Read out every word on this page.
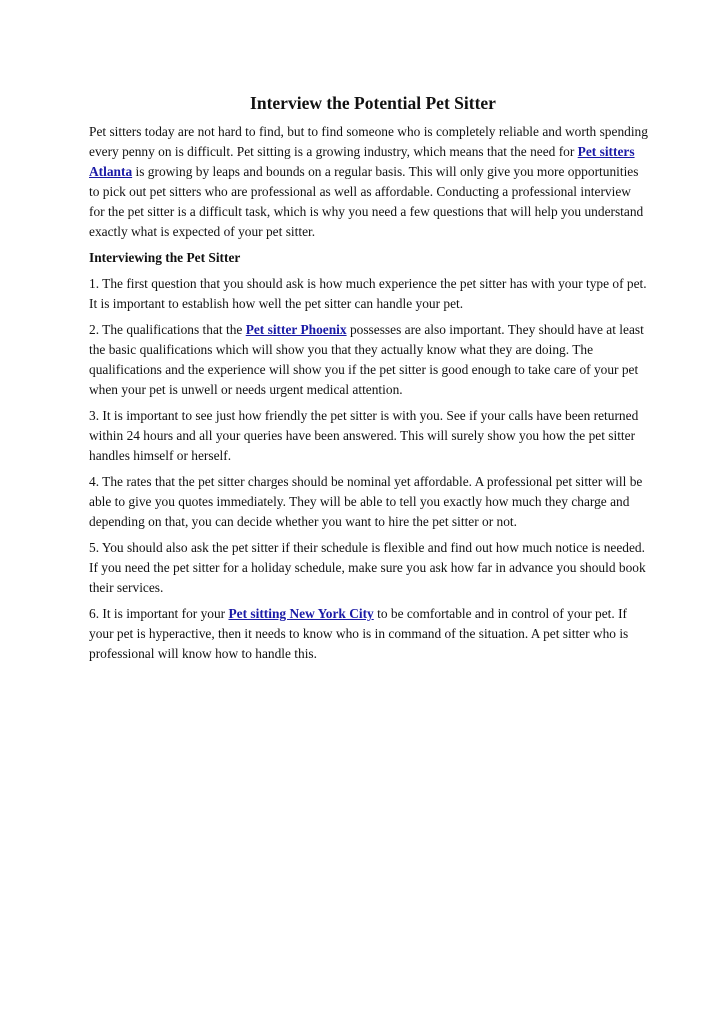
Interview the Potential Pet Sitter

Pet sitters today are not hard to find, but to find someone who is completely reliable and worth spending every penny on is difficult. Pet sitting is a growing industry, which means that the need for Pet sitters Atlanta is growing by leaps and bounds on a regular basis. This will only give you more opportunities to pick out pet sitters who are professional as well as affordable. Conducting a professional interview for the pet sitter is a difficult task, which is why you need a few questions that will help you understand exactly what is expected of your pet sitter.

Interviewing the Pet Sitter

1. The first question that you should ask is how much experience the pet sitter has with your type of pet. It is important to establish how well the pet sitter can handle your pet.

2. The qualifications that the Pet sitter Phoenix possesses are also important. They should have at least the basic qualifications which will show you that they actually know what they are doing. The qualifications and the experience will show you if the pet sitter is good enough to take care of your pet when your pet is unwell or needs urgent medical attention.

3. It is important to see just how friendly the pet sitter is with you. See if your calls have been returned within 24 hours and all your queries have been answered. This will surely show you how the pet sitter handles himself or herself.

4. The rates that the pet sitter charges should be nominal yet affordable. A professional pet sitter will be able to give you quotes immediately. They will be able to tell you exactly how much they charge and depending on that, you can decide whether you want to hire the pet sitter or not.

5. You should also ask the pet sitter if their schedule is flexible and find out how much notice is needed. If you need the pet sitter for a holiday schedule, make sure you ask how far in advance you should book their services.

6. It is important for your Pet sitting New York City to be comfortable and in control of your pet. If your pet is hyperactive, then it needs to know who is in command of the situation. A pet sitter who is professional will know how to handle this.
